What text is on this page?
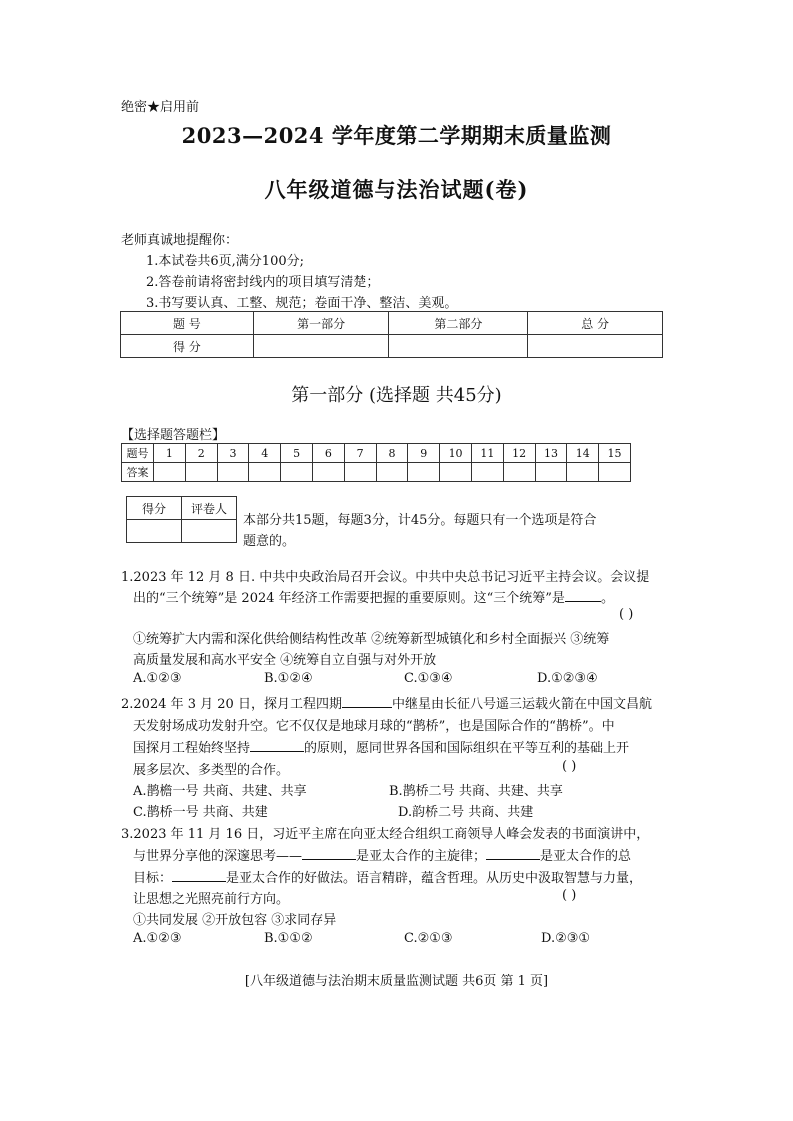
绝密★启用前
2023—2024 学年度第二学期期末质量监测
八年级道德与法治试题(卷)
老师真诚地提醒你：
1.本试卷共6页,满分100分;
2.答卷前请将密封线内的项目填写清楚；
3.书写要认真、工整、规范；卷面干净、整洁、美观。
题 号	第一部分	第二部分	总 分
得 分			
第一部分 (选择题 共45分)
【选择题答题栏】
题号	1	2	3	4	5	6	7	8	9	10	11	12	13	14	15
答案															
得分	评卷人

本部分共15题，每题3分，计45分。每题只有一个选项是符合
题意的。
1.2023 年 12 月 8 日. 中共中央政治局召开会议。中共中央总书记习近平主持会议。会议提
出的“三个统筹”是 2024 年经济工作需要把握的重要原则。这“三个统筹”是	。
( )
①统筹扩大内需和深化供给侧结构性改革 ②统筹新型城镇化和乡村全面振兴 ③统筹
高质量发展和高水平安全 ④统筹自立自强与对外开放
A.①②③	B.①②④	C.①③④	D.①②③④
2.2024 年 3 月 20 日，探月工程四期	中继星由长征八号遥三运载火箭在中国文昌航
天发射场成功发射升空。它不仅仅是地球月球的“鹊桥”，也是国际合作的“鹊桥”。中
国探月工程始终坚持	的原则，愿同世界各国和国际组织在平等互利的基础上开
展多层次、多类型的合作。	( )
A.鹊檐一号 共商、共建、共享	B.鹊桥二号 共商、共建、共享
C.鹊桥一号 共商、共建	D.韵桥二号 共商、共建
3.2023 年 11 月 16 日，习近平主席在向亚太经合组织工商领导人峰会发表的书面演讲中，
与世界分享他的深邃思考——	是亚太合作的主旋律；	是亚太合作的总
目标：	是亚太合作的好做法。语言精辟，蕴含哲理。从历史中汲取智慧与力量，
让思想之光照亮前行方向。	( )
①共同发展 ②开放包容 ③求同存异
A.①②③	B.①①②	C.②①③	D.②③①
[八年级道德与法治期末质量监测试题 共6页 第 1 页]
